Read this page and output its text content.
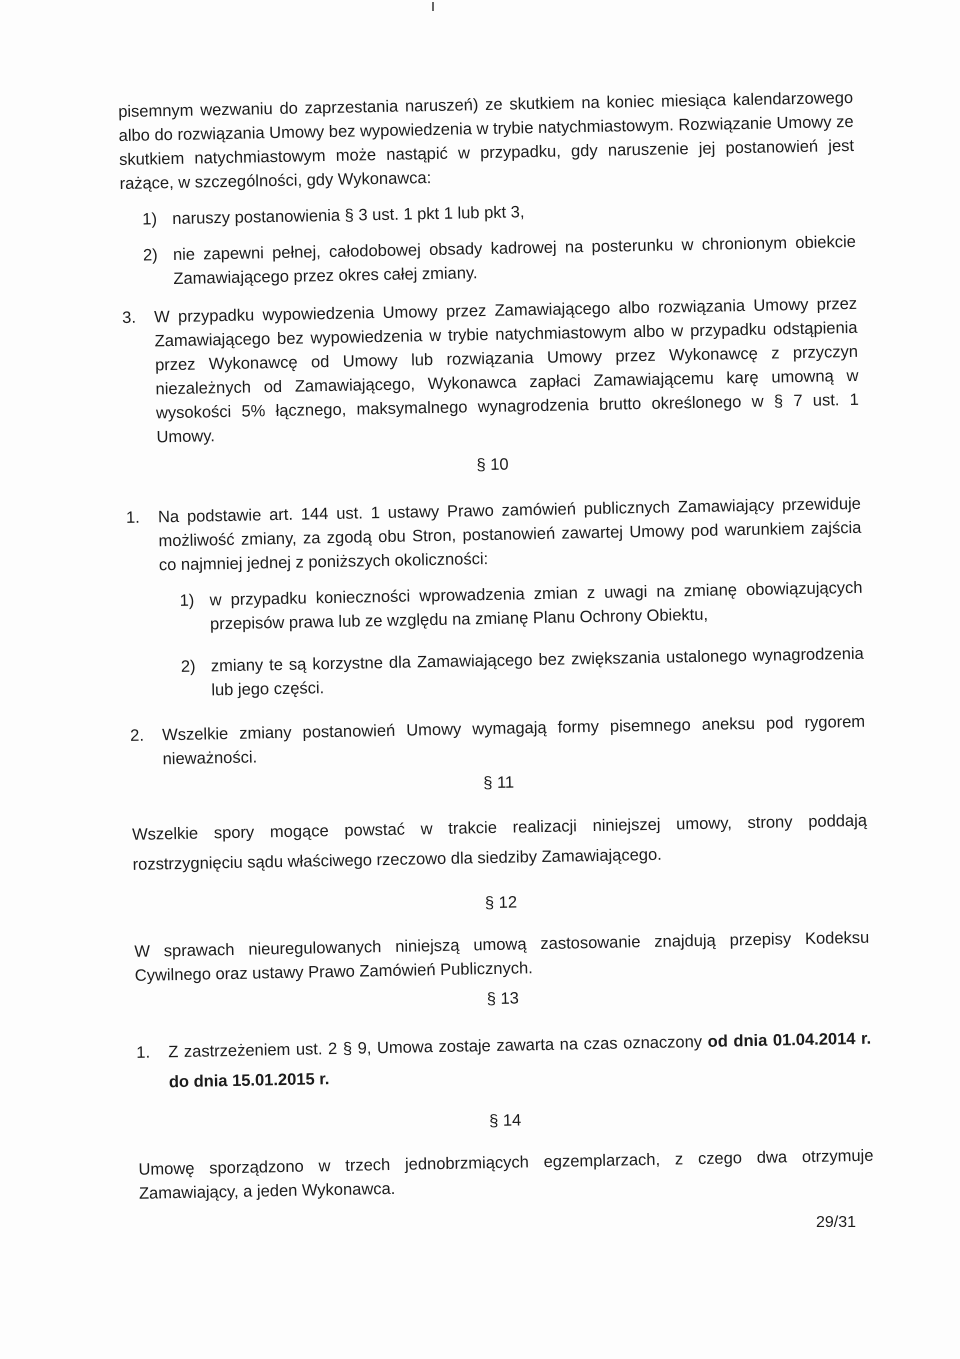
pisemnym wezwaniu do zaprzestania naruszeń) ze skutkiem na koniec miesiąca kalendarzowego albo do rozwiązania Umowy bez wypowiedzenia w trybie natychmiastowym. Rozwiązanie Umowy ze skutkiem natychmiastowym może nastąpić w przypadku, gdy naruszenie jej postanowień jest rażące, w szczególności, gdy Wykonawca:

1) naruszy postanowienia § 3 ust. 1 pkt 1 lub pkt 3,
2) nie zapewni pełnej, całodobowej obsady kadrowej na posterunku w chronionym obiekcie Zamawiającego przez okres całej zmiany.
3.	W przypadku wypowiedzenia Umowy przez Zamawiającego albo rozwiązania Umowy przez Zamawiającego bez wypowiedzenia w trybie natychmiastowym albo w przypadku odstąpienia przez Wykonawcę od Umowy lub rozwiązania Umowy przez Wykonawcę z przyczyn niezależnych od Zamawiającego, Wykonawca zapłaci Zamawiającemu karę umowną w wysokości 5% łącznego, maksymalnego wynagrodzenia brutto określonego w § 7 ust. 1 Umowy.

§ 10

1.	Na podstawie art. 144 ust. 1 ustawy Prawo zamówień publicznych Zamawiający przewiduje możliwość zmiany, za zgodą obu Stron, postanowień zawartej Umowy pod warunkiem zajścia co najmniej jednej z poniższych okoliczności:
1) w przypadku konieczności wprowadzenia zmian z uwagi na zmianę obowiązujących przepisów prawa lub ze względu na zmianę Planu Ochrony Obiektu,
2) zmiany te są korzystne dla Zamawiającego bez zwiększania ustalonego wynagrodzenia lub jego części.
2.	Wszelkie zmiany postanowień Umowy wymagają formy pisemnego aneksu pod rygorem nieważności.

§ 11

Wszelkie spory mogące powstać w trakcie realizacji niniejszej umowy, strony poddają rozstrzygnięciu sądu właściwego rzeczowo dla siedziby Zamawiającego.

§ 12

W sprawach nieuregulowanych niniejszą umową zastosowanie znajdują przepisy Kodeksu Cywilnego oraz ustawy Prawo Zamówień Publicznych.

§ 13

1.	Z zastrzeżeniem ust. 2 § 9, Umowa zostaje zawarta na czas oznaczony od dnia 01.04.2014 r. do dnia 15.01.2015 r.

§ 14

Umowę sporządzono w trzech jednobrzmiących egzemplarzach, z czego dwa otrzymuje Zamawiający, a jeden Wykonawca.

29/31
